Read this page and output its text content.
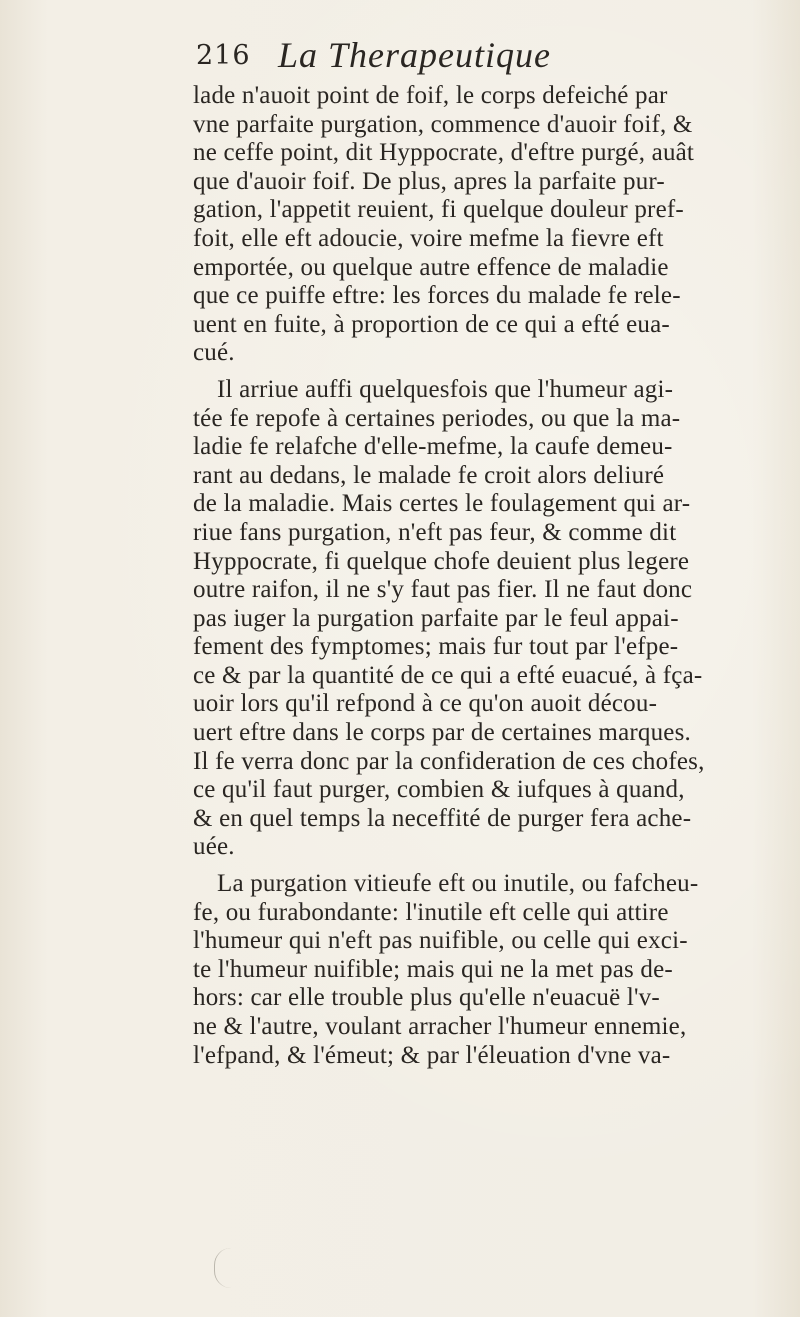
216 La Therapeutique
lade n'auoit point de foif, le corps defeiché par
vne parfaite purgation, commence d'auoir foif, &
ne ceffe point, dit Hyppocrate, d'eftre purgé, auât
que d'auoir foif. De plus, apres la parfaite pur-
gation, l'appetit reuient, fi quelque douleur pref-
foit, elle eft adoucie, voire mefme la fievre eft
emportée, ou quelque autre effence de maladie
que ce puiffe eftre: les forces du malade fe rele-
uent en fuite, à proportion de ce qui a efté eua-
cué.
Il arriue auffi quelquesfois que l'humeur agi-
tée fe repofe à certaines periodes, ou que la ma-
ladie fe relafche d'elle-mefme, la caufe demeu-
rant au dedans, le malade fe croit alors deliuré
de la maladie. Mais certes le foulagement qui ar-
riue fans purgation, n'eft pas feur, & comme dit
Hyppocrate, fi quelque chofe deuient plus legere
outre raifon, il ne s'y faut pas fier. Il ne faut donc
pas iuger la purgation parfaite par le feul appai-
fement des fymptomes; mais fur tout par l'efpe-
ce & par la quantité de ce qui a efté euacué, à fça-
uoir lors qu'il refpond à ce qu'on auoit décou-
uert eftre dans le corps par de certaines marques.
Il fe verra donc par la confideration de ces chofes,
ce qu'il faut purger, combien & iufques à quand,
& en quel temps la neceffité de purger fera ache-
uée.
La purgation vitieufe eft ou inutile, ou fafcheu-
fe, ou furabondante: l'inutile eft celle qui attire
l'humeur qui n'eft pas nuifible, ou celle qui exci-
te l'humeur nuifible; mais qui ne la met pas de-
hors: car elle trouble plus qu'elle n'euacuë l'v-
ne & l'autre, voulant arracher l'humeur ennemie,
l'efpand, & l'émeut; & par l'éleuation d'vne va-
